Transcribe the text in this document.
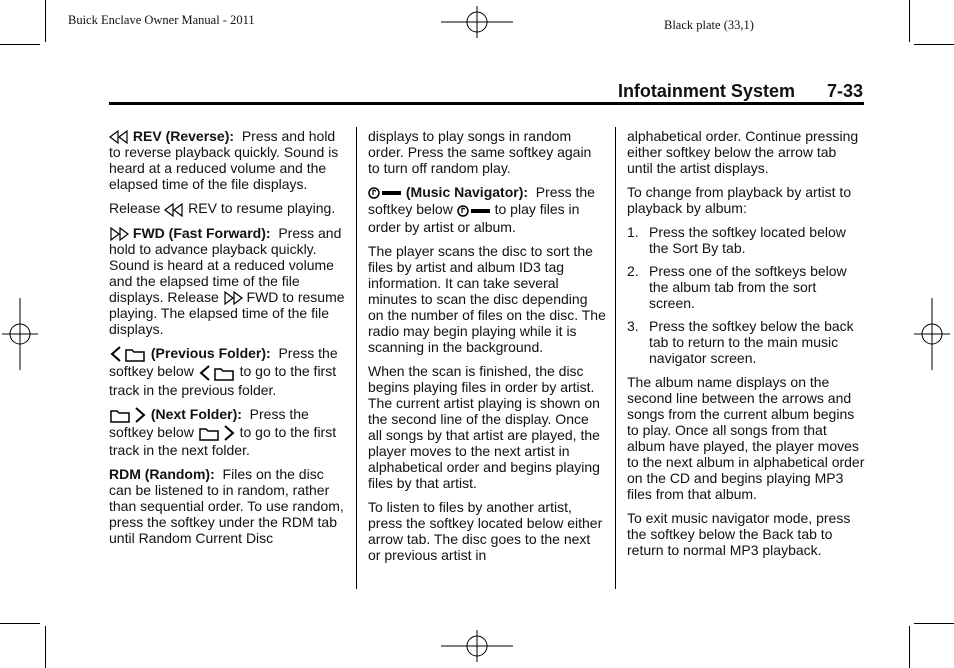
Buick Enclave Owner Manual - 2011	Black plate (33,1)
Infotainment System 7-33

REV (Reverse): Press and hold to reverse playback quickly. Sound is heard at a reduced volume and the elapsed time of the file displays.

Release REV to resume playing.

FWD (Fast Forward): Press and hold to advance playback quickly. Sound is heard at a reduced volume and the elapsed time of the file displays. Release FWD to resume playing. The elapsed time of the file displays.

(Previous Folder): Press the softkey below	to go to the first track in the previous folder.

(Next Folder): Press the softkey below	to go to the first track in the next folder.

RDM (Random): Files on the disc can be listened to in random, rather than sequential order. To use random, press the softkey under the RDM tab until Random Current Disc

displays to play songs in random order. Press the same softkey again to turn off random play.

(Music Navigator): Press the softkey below	to play files in order by artist or album.

The player scans the disc to sort the files by artist and album ID3 tag information. It can take several minutes to scan the disc depending on the number of files on the disc. The radio may begin playing while it is scanning in the background.

When the scan is finished, the disc begins playing files in order by artist. The current artist playing is shown on the second line of the display. Once all songs by that artist are played, the player moves to the next artist in alphabetical order and begins playing files by that artist.

To listen to files by another artist, press the softkey located below either arrow tab. The disc goes to the next or previous artist in

alphabetical order. Continue pressing either softkey below the arrow tab until the artist displays.

To change from playback by artist to playback by album:

1. Press the softkey located below the Sort By tab.
2. Press one of the softkeys below the album tab from the sort screen.
3. Press the softkey below the back tab to return to the main music navigator screen.

The album name displays on the second line between the arrows and songs from the current album begins to play. Once all songs from that album have played, the player moves to the next album in alphabetical order on the CD and begins playing MP3 files from that album.

To exit music navigator mode, press the softkey below the Back tab to return to normal MP3 playback.
